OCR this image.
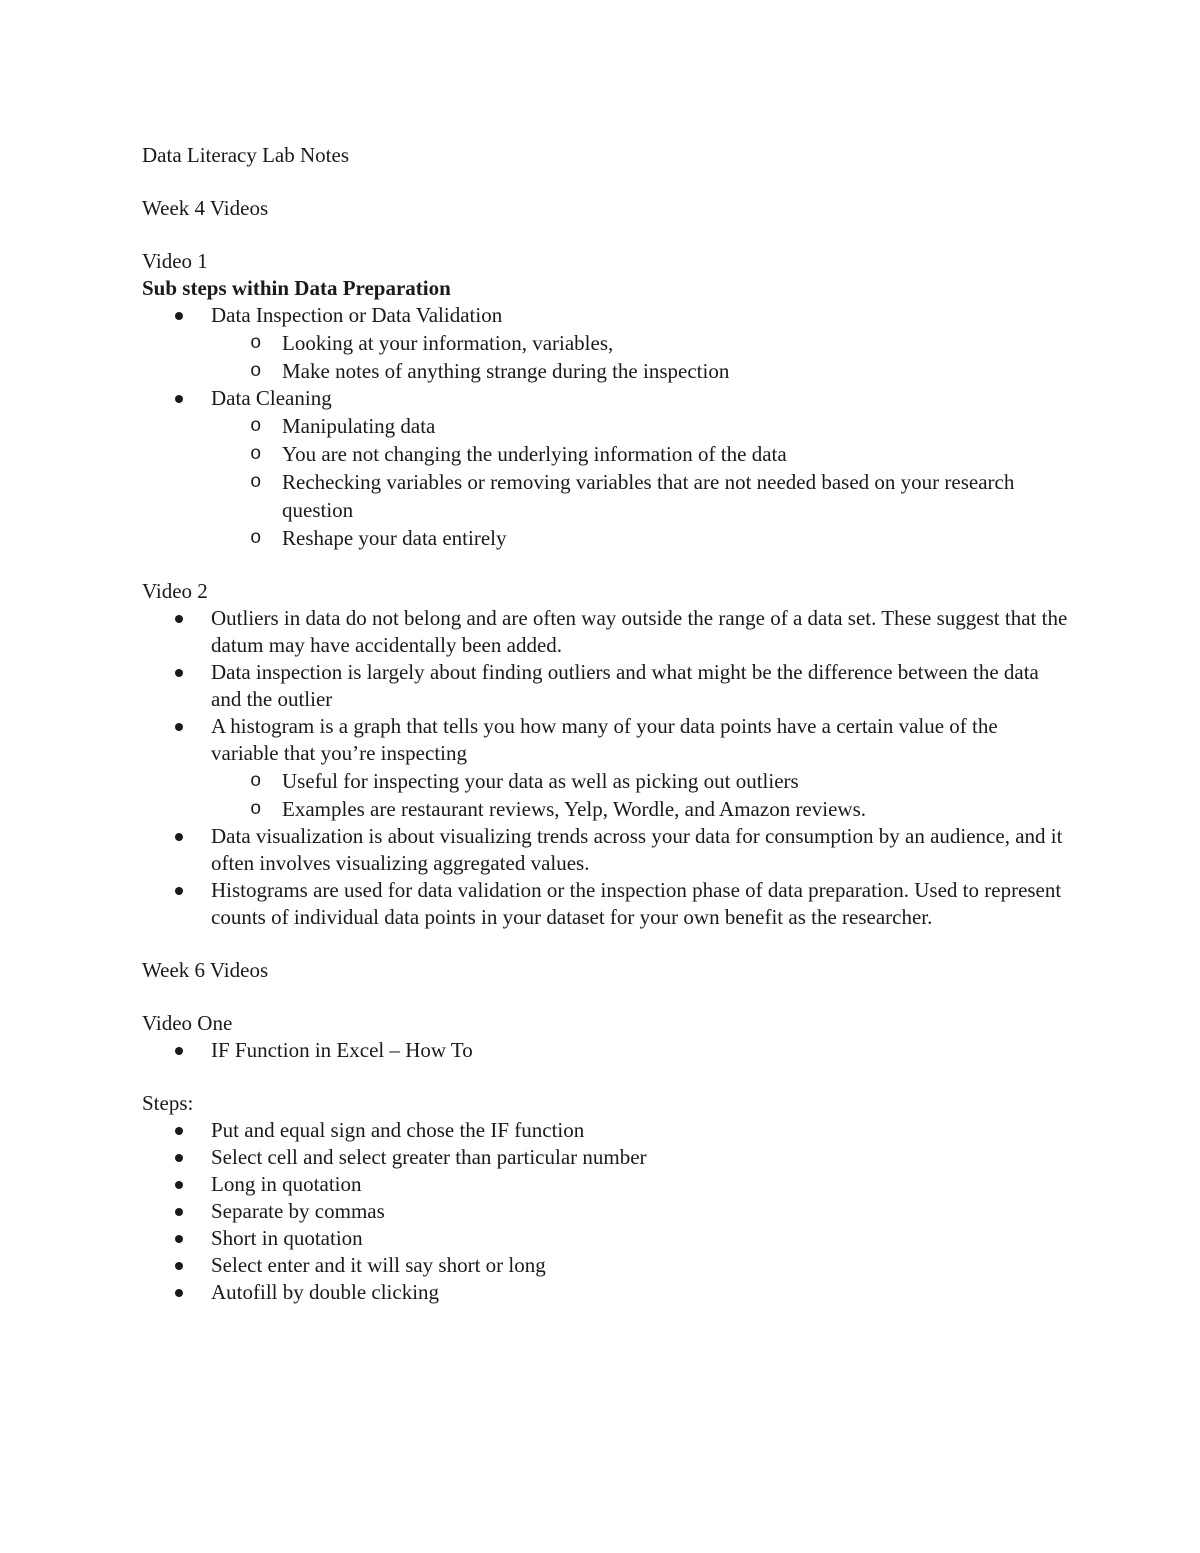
Data Literacy Lab Notes

Week 4 Videos

Video 1

Sub steps within Data Preparation

Data Inspection or Data Validation
o Looking at your information, variables,
o Make notes of anything strange during the inspection
Data Cleaning
o Manipulating data
o You are not changing the underlying information of the data
o Rechecking variables or removing variables that are not needed based on your research question
o Reshape your data entirely

Video 2

Outliers in data do not belong and are often way outside the range of a data set. These suggest that the datum may have accidentally been added.
Data inspection is largely about finding outliers and what might be the difference between the data and the outlier
A histogram is a graph that tells you how many of your data points have a certain value of the variable that you’re inspecting
o Useful for inspecting your data as well as picking out outliers
o Examples are restaurant reviews, Yelp, Wordle, and Amazon reviews.
Data visualization is about visualizing trends across your data for consumption by an audience, and it often involves visualizing aggregated values.
Histograms are used for data validation or the inspection phase of data preparation. Used to represent counts of individual data points in your dataset for your own benefit as the researcher.

Week 6 Videos

Video One

IF Function in Excel – How To

Steps:

Put and equal sign and chose the IF function
Select cell and select greater than particular number
Long in quotation
Separate by commas
Short in quotation
Select enter and it will say short or long
Autofill by double clicking
